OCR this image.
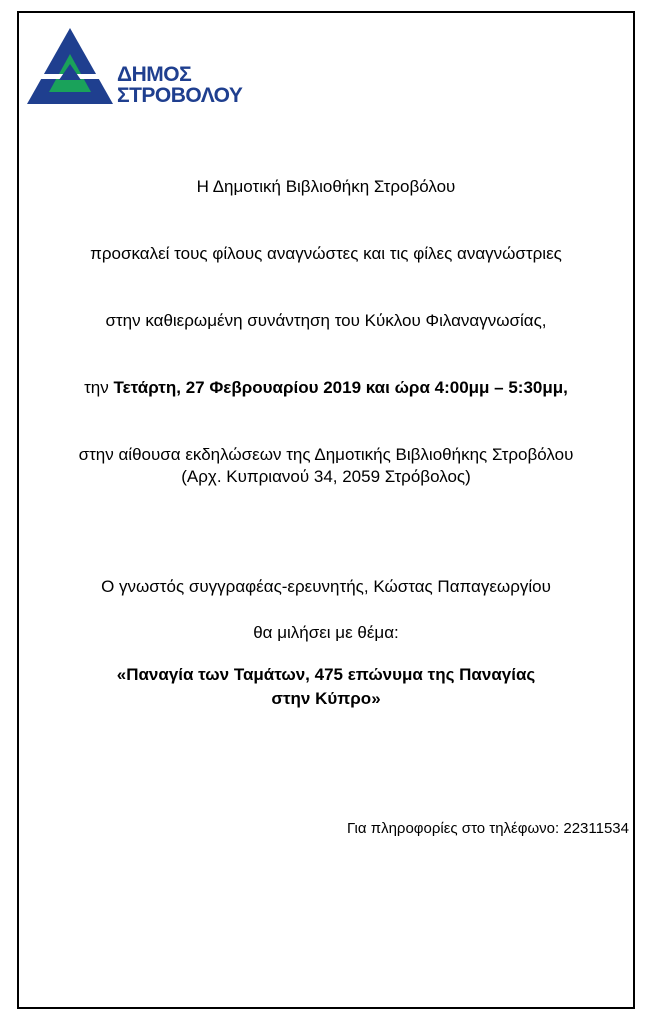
ΔΗΜΟΣ
ΣΤΡΟΒΟΛΟΥ
Η Δημοτική Βιβλιοθήκη Στροβόλου
προσκαλεί τους φίλους αναγνώστες και τις φίλες αναγνώστριες
στην καθιερωμένη συνάντηση του Κύκλου Φιλαναγνωσίας,
την Τετάρτη, 27 Φεβρουαρίου 2019 και ώρα 4:00μμ – 5:30μμ,
στην αίθουσα εκδηλώσεων της Δημοτικής Βιβλιοθήκης Στροβόλου
(Αρχ. Κυπριανού 34, 2059 Στρόβολος)
Ο γνωστός συγγραφέας-ερευνητής, Κώστας Παπαγεωργίου
θα μιλήσει με θέμα:
«Παναγία των Ταμάτων, 475 επώνυμα της Παναγίας
στην Κύπρο»
Για πληροφορίες στο τηλέφωνο: 22311534
